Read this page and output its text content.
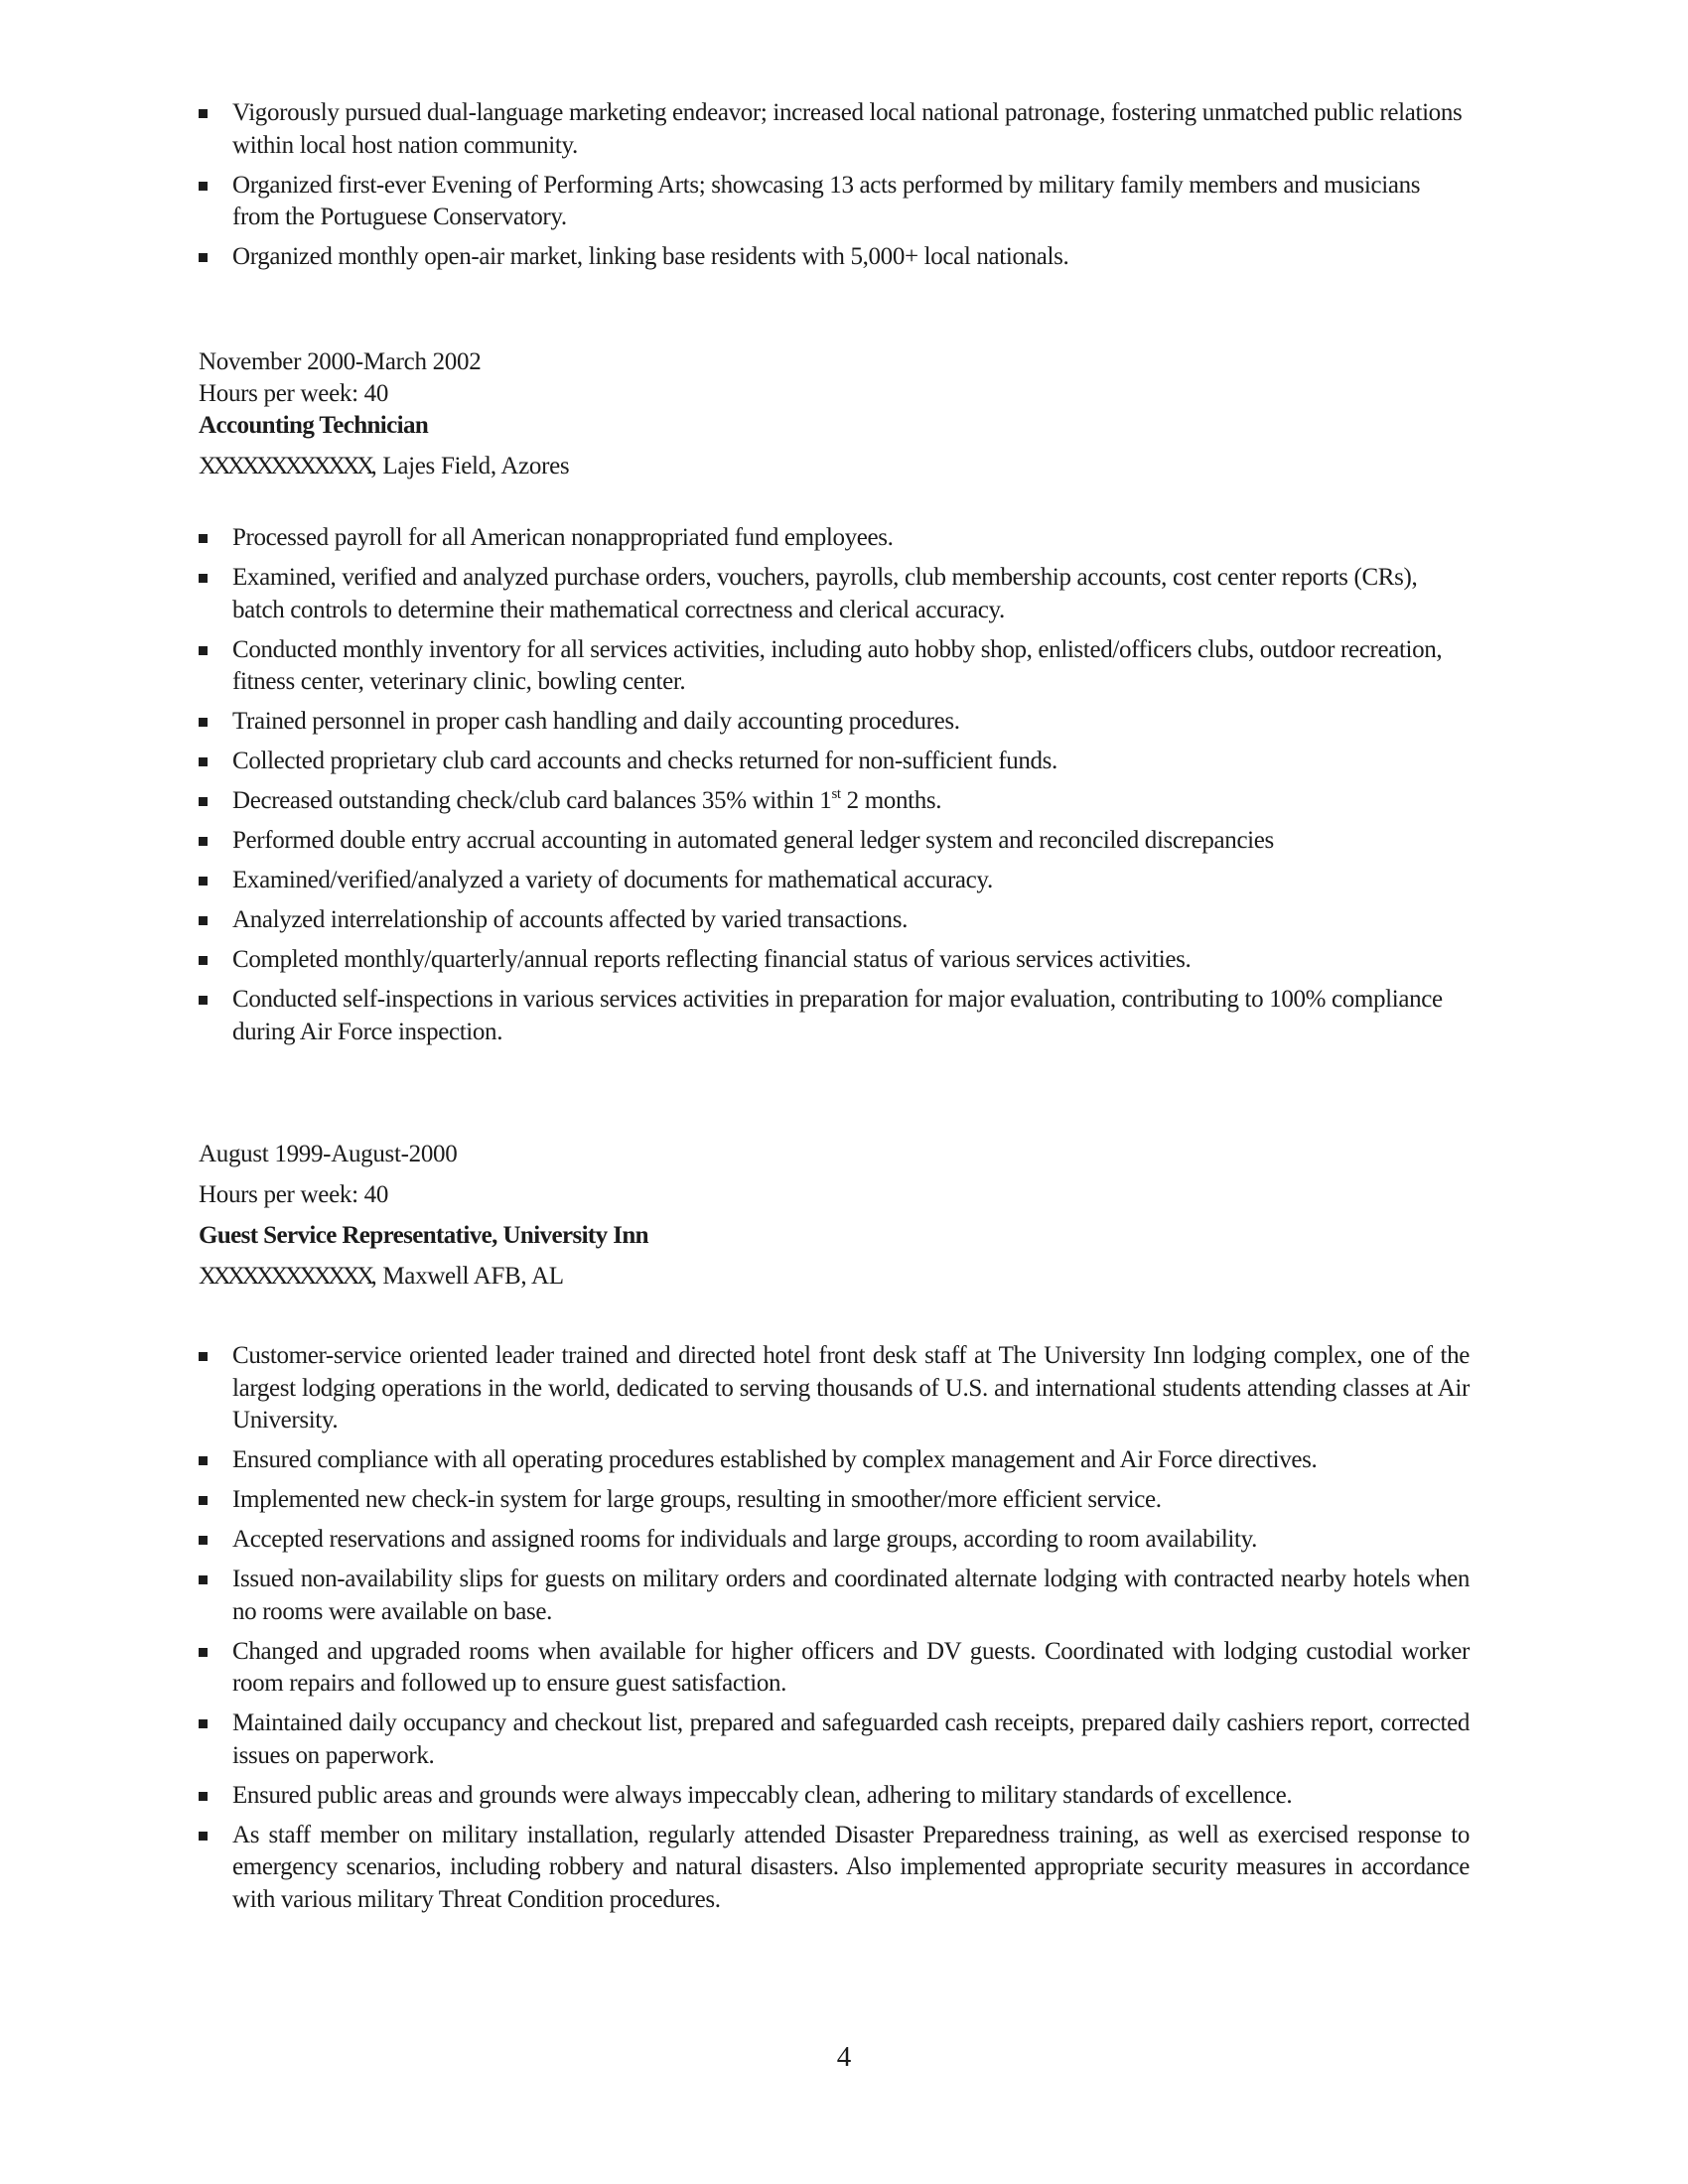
Vigorously pursued dual-language marketing endeavor; increased local national patronage, fostering unmatched public relations within local host nation community.
Organized first-ever Evening of Performing Arts; showcasing 13 acts performed by military family members and musicians from the Portuguese Conservatory.
Organized monthly open-air market, linking base residents with 5,000+ local nationals.
November 2000-March 2002
Hours per week: 40
Accounting Technician
XXXXXXXXXXXX, Lajes Field, Azores
Processed payroll for all American nonappropriated fund employees.
Examined, verified and analyzed purchase orders, vouchers, payrolls, club membership accounts, cost center reports (CRs), batch controls to determine their mathematical correctness and clerical accuracy.
Conducted monthly inventory for all services activities, including auto hobby shop, enlisted/officers clubs, outdoor recreation, fitness center, veterinary clinic, bowling center.
Trained personnel in proper cash handling and daily accounting procedures.
Collected proprietary club card accounts and checks returned for non-sufficient funds.
Decreased outstanding check/club card balances 35% within 1st 2 months.
Performed double entry accrual accounting in automated general ledger system and reconciled discrepancies
Examined/verified/analyzed a variety of documents for mathematical accuracy.
Analyzed interrelationship of accounts affected by varied transactions.
Completed monthly/quarterly/annual reports reflecting financial status of various services activities.
Conducted self-inspections in various services activities in preparation for major evaluation, contributing to 100% compliance during Air Force inspection.
August 1999-August-2000
Hours per week: 40
Guest Service Representative, University Inn
XXXXXXXXXXXX, Maxwell AFB, AL
Customer-service oriented leader trained and directed hotel front desk staff at The University Inn lodging complex, one of the largest lodging operations in the world, dedicated to serving thousands of U.S. and international students attending classes at Air University.
Ensured compliance with all operating procedures established by complex management and Air Force directives.
Implemented new check-in system for large groups, resulting in smoother/more efficient service.
Accepted reservations and assigned rooms for individuals and large groups, according to room availability.
Issued non-availability slips for guests on military orders and coordinated alternate lodging with contracted nearby hotels when no rooms were available on base.
Changed and upgraded rooms when available for higher officers and DV guests. Coordinated with lodging custodial worker room repairs and followed up to ensure guest satisfaction.
Maintained daily occupancy and checkout list, prepared and safeguarded cash receipts, prepared daily cashiers report, corrected issues on paperwork.
Ensured public areas and grounds were always impeccably clean, adhering to military standards of excellence.
As staff member on military installation, regularly attended Disaster Preparedness training, as well as exercised response to emergency scenarios, including robbery and natural disasters. Also implemented appropriate security measures in accordance with various military Threat Condition procedures.
4
